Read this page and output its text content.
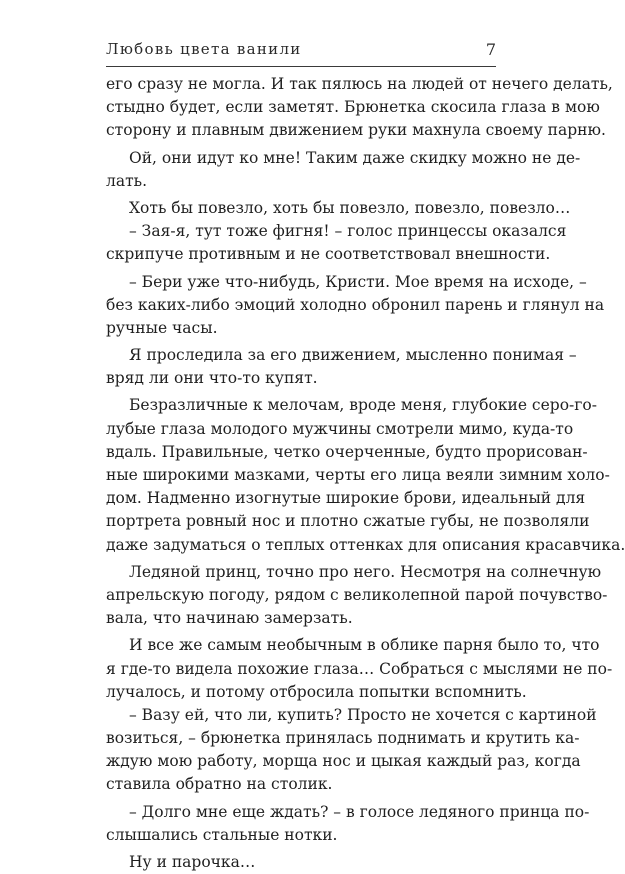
Любовь цвета ванили	7
его сразу не могла. И так пялюсь на людей от нечего делать,
стыдно будет, если заметят. Брюнетка скосила глаза в мою
сторону и плавным движением руки махнула своему парню.
Ой, они идут ко мне! Таким даже скидку можно не де-
лать.
Хоть бы повезло, хоть бы повезло, повезло, повезло…
– Зая-я, тут тоже фигня! – голос принцессы оказался
скрипуче противным и не соответствовал внешности.
– Бери уже что-нибудь, Кристи. Мое время на исходе, –
без каких-либо эмоций холодно обронил парень и глянул на
ручные часы.
Я проследила за его движением, мысленно понимая –
вряд ли они что-то купят.
Безразличные к мелочам, вроде меня, глубокие серо-го-
лубые глаза молодого мужчины смотрели мимо, куда-то
вдаль. Правильные, четко очерченные, будто прорисован-
ные широкими мазками, черты его лица веяли зимним холо-
дом. Надменно изогнутые широкие брови, идеальный для
портрета ровный нос и плотно сжатые губы, не позволяли
даже задуматься о теплых оттенках для описания красавчика.
Ледяной принц, точно про него. Несмотря на солнечную
апрельскую погоду, рядом с великолепной парой почувство-
вала, что начинаю замерзать.
И все же самым необычным в облике парня было то, что
я где-то видела похожие глаза… Собраться с мыслями не по-
лучалось, и потому отбросила попытки вспомнить.
– Вазу ей, что ли, купить? Просто не хочется с картиной
возиться, – брюнетка принялась поднимать и крутить ка-
ждую мою работу, морща нос и цыкая каждый раз, когда
ставила обратно на столик.
– Долго мне еще ждать? – в голосе ледяного принца по-
слышались стальные нотки.
Ну и парочка…
